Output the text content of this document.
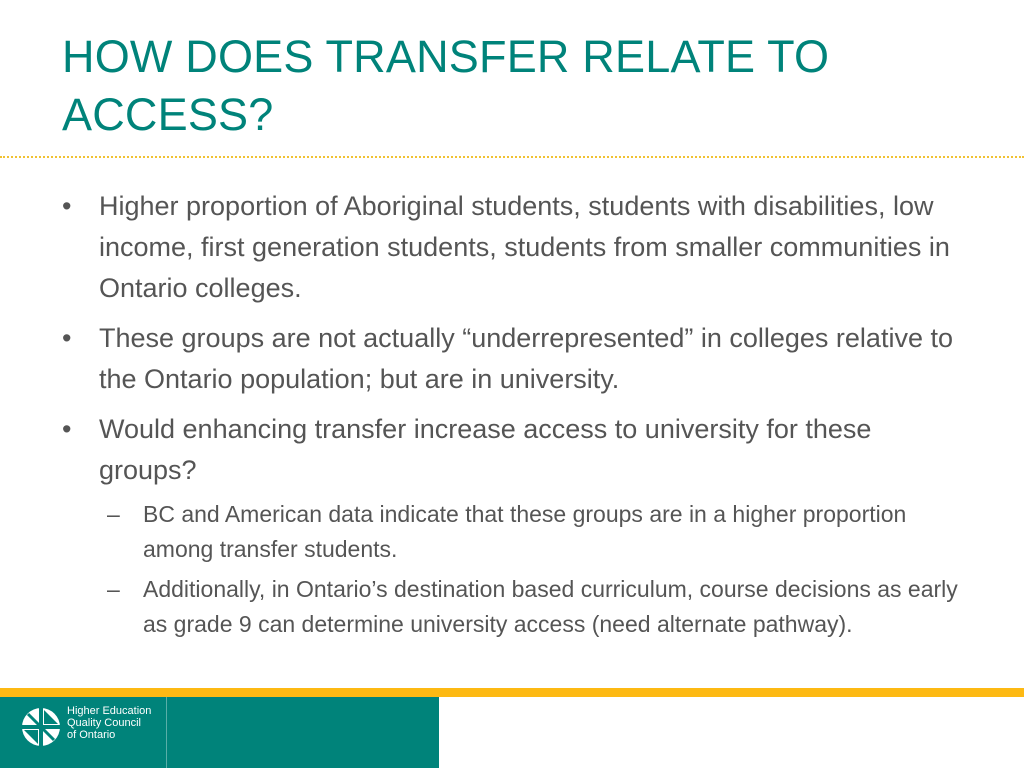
HOW DOES TRANSFER RELATE TO ACCESS?
•	Higher proportion of Aboriginal students, students with disabilities, low income, first generation students, students from smaller communities in Ontario colleges.
•	These groups are not actually “underrepresented” in colleges relative to the Ontario population; but are in university.
•	Would enhancing transfer increase access to university for these groups?
– BC and American data indicate that these groups are in a higher proportion among transfer students.
– Additionally, in Ontario’s destination based curriculum, course decisions as early as grade 9 can determine university access (need alternate pathway).
Higher Education
Quality Council
of Ontario
